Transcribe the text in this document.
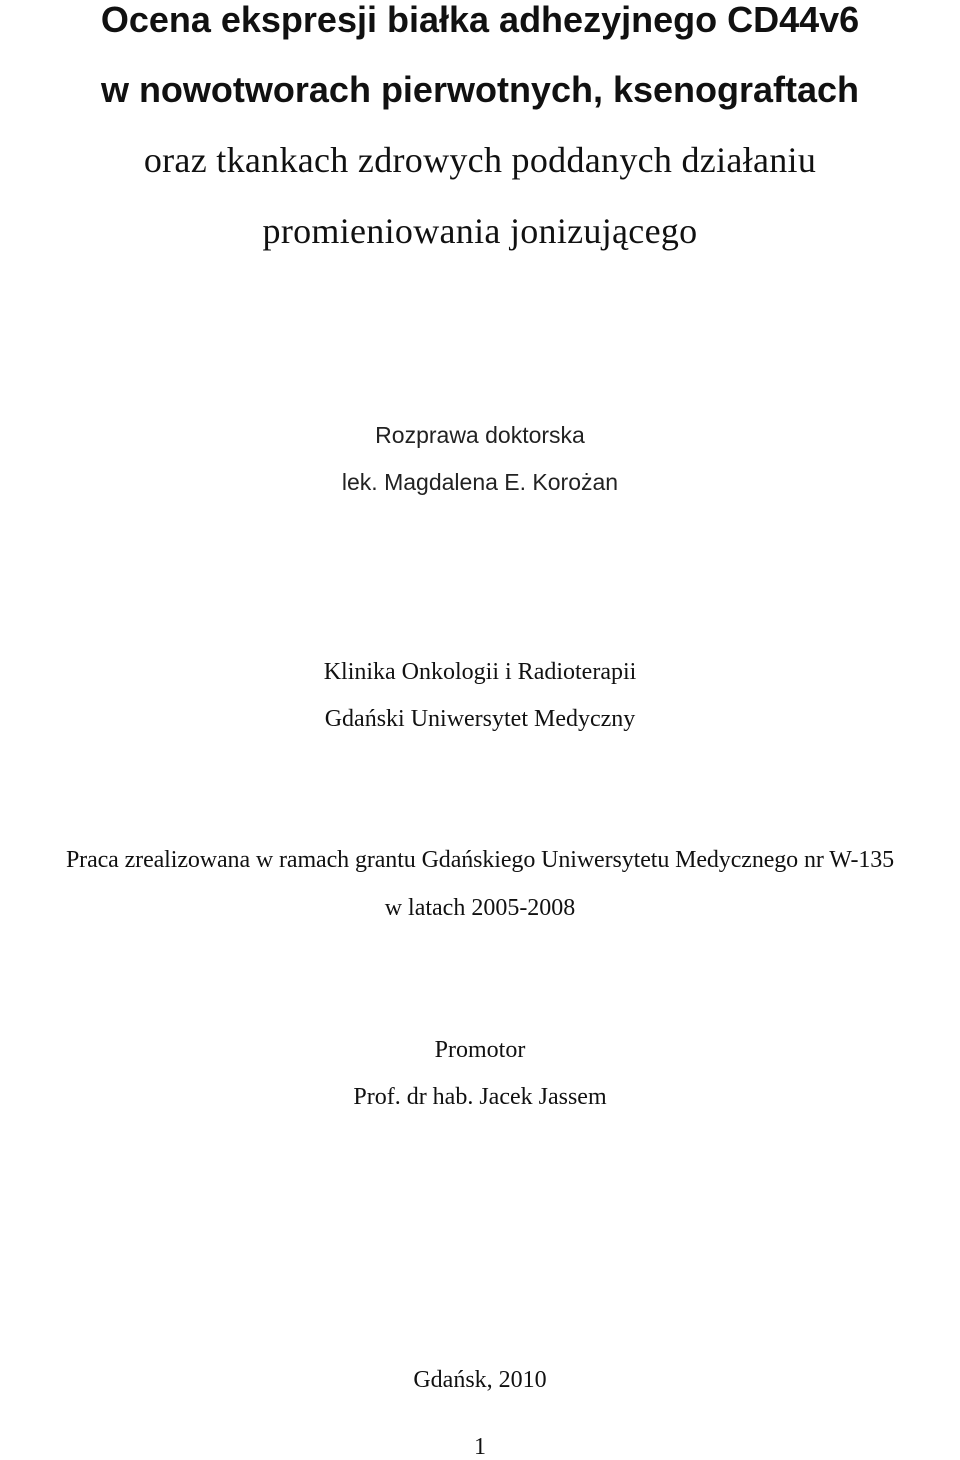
Ocena ekspresji białka adhezyjnego CD44v6
w nowotworach pierwotnych, ksenograftach
oraz tkankach zdrowych poddanych działaniu
promieniowania jonizującego
Rozprawa doktorska
lek. Magdalena E. Korożan
Klinika Onkologii i Radioterapii
Gdański Uniwersytet Medyczny
Praca zrealizowana w ramach grantu Gdańskiego Uniwersytetu Medycznego nr W-135
w latach 2005-2008
Promotor
Prof. dr hab. Jacek Jassem
Gdańsk, 2010
1
